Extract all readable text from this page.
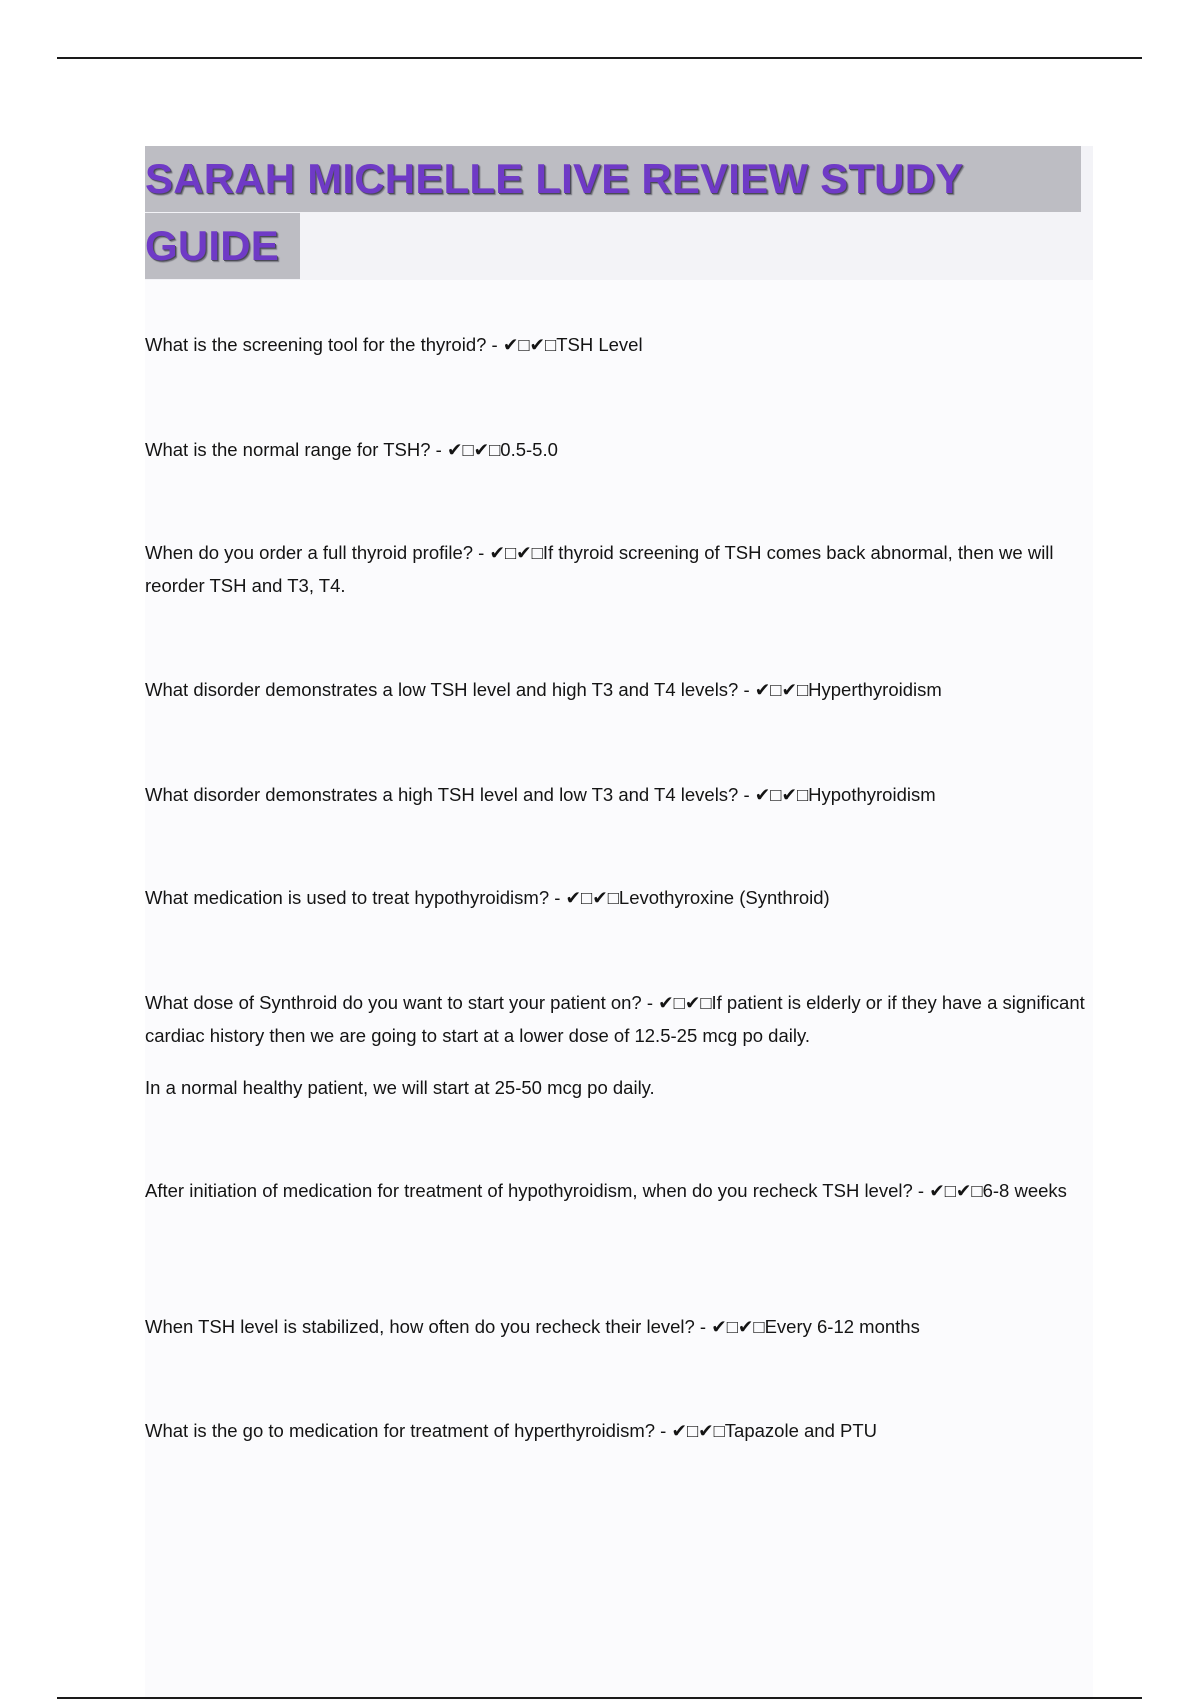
SARAH MICHELLE LIVE REVIEW STUDY
GUIDE

What is the screening tool for the thyroid? - ✔□✔□TSH Level

What is the normal range for TSH? - ✔□✔□0.5-5.0

When do you order a full thyroid profile? - ✔□✔□If thyroid screening of TSH comes back abnormal, then we will reorder TSH and T3, T4.

What disorder demonstrates a low TSH level and high T3 and T4 levels? - ✔□✔□Hyperthyroidism

What disorder demonstrates a high TSH level and low T3 and T4 levels? - ✔□✔□Hypothyroidism

What medication is used to treat hypothyroidism? - ✔□✔□Levothyroxine (Synthroid)

What dose of Synthroid do you want to start your patient on? - ✔□✔□If patient is elderly or if they have a significant cardiac history then we are going to start at a lower dose of 12.5-25 mcg po daily.

In a normal healthy patient, we will start at 25-50 mcg po daily.

After initiation of medication for treatment of hypothyroidism, when do you recheck TSH level? - ✔□✔□6-8 weeks

When TSH level is stabilized, how often do you recheck their level? - ✔□✔□Every 6-12 months

What is the go to medication for treatment of hyperthyroidism? - ✔□✔□Tapazole and PTU
